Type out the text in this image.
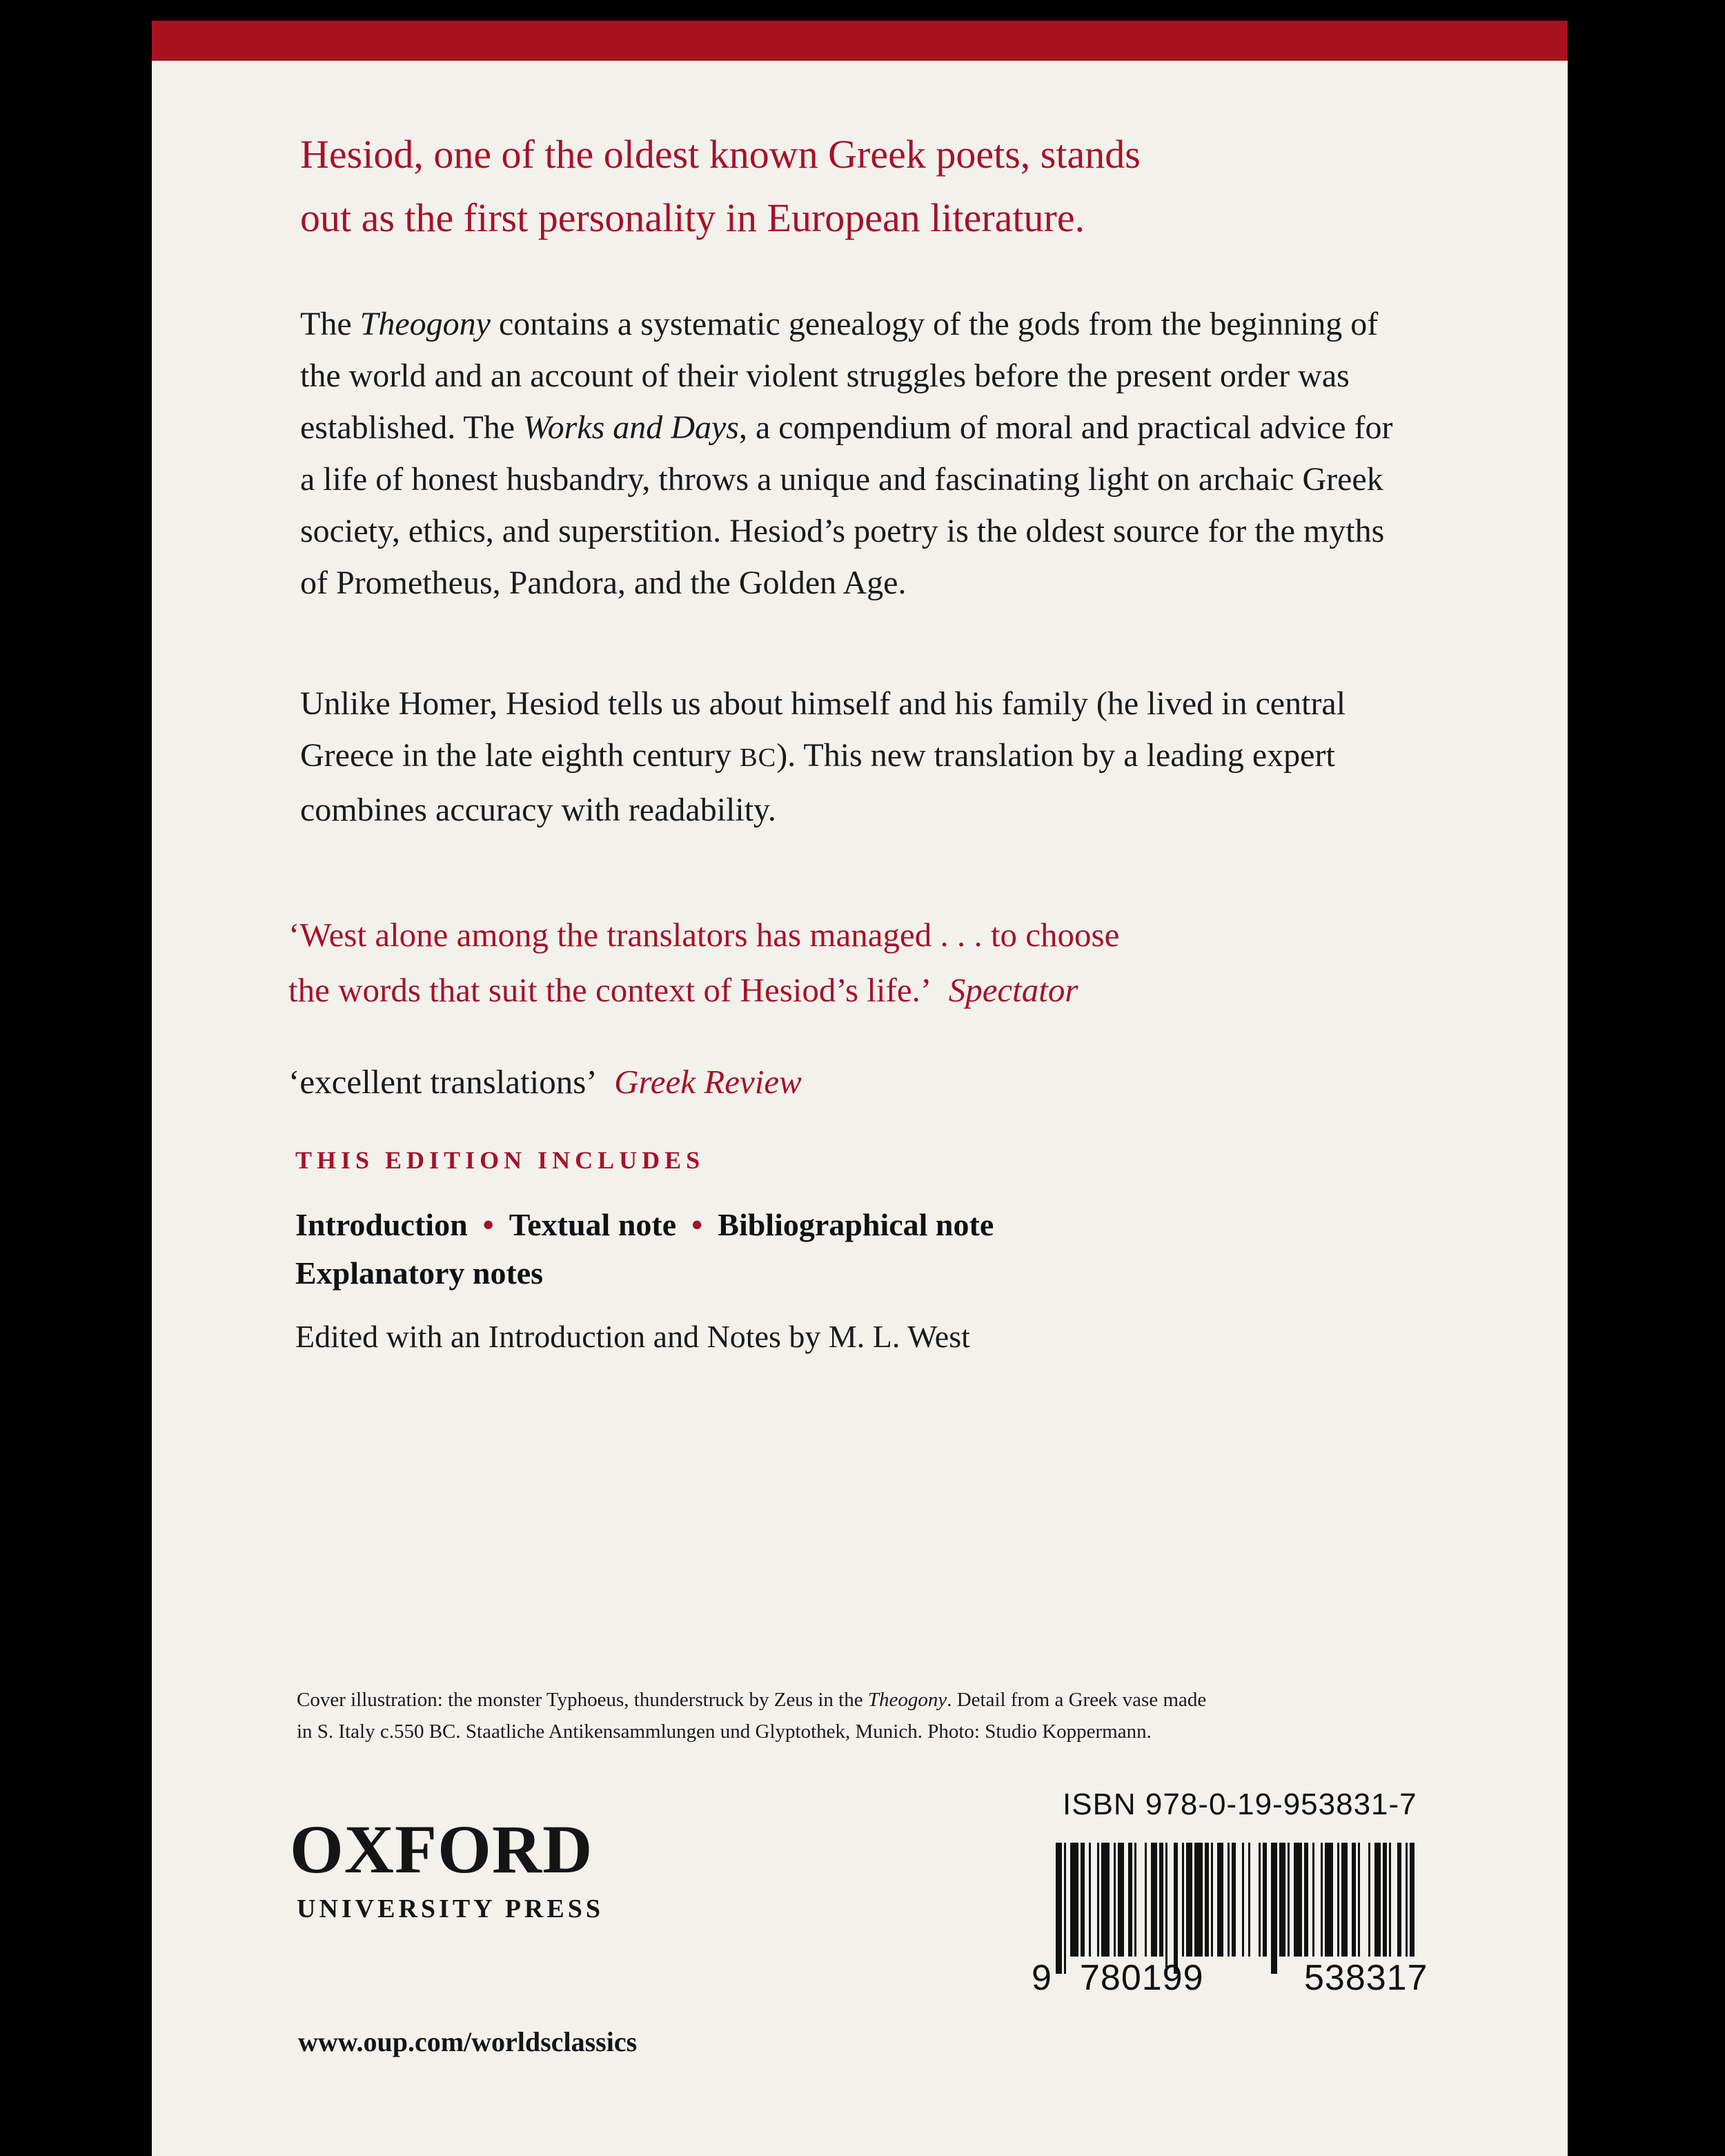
Hesiod, one of the oldest known Greek poets, stands
out as the first personality in European literature.

The Theogony contains a systematic genealogy of the gods from the beginning of the world and an account of their violent struggles before the present order was established. The Works and Days, a compendium of moral and practical advice for a life of honest husbandry, throws a unique and fascinating light on archaic Greek society, ethics, and superstition. Hesiod’s poetry is the oldest source for the myths of Prometheus, Pandora, and the Golden Age.

Unlike Homer, Hesiod tells us about himself and his family (he lived in central Greece in the late eighth century BC). This new translation by a leading expert combines accuracy with readability.

‘West alone among the translators has managed . . . to choose
the words that suit the context of Hesiod’s life.’ Spectator
‘excellent translations’ Greek Review
THIS EDITION INCLUDES
Introduction • Textual note • Bibliographical note
Explanatory notes
Edited with an Introduction and Notes by M. L. West
Cover illustration: the monster Typhoeus, thunderstruck by Zeus in the Theogony. Detail from a Greek vase made
in S. Italy c.550 BC. Staatliche Antikensammlungen und Glyptothek, Munich. Photo: Studio Koppermann.
OXFORD
UNIVERSITY PRESS
www.oup.com/worldsclassics
ISBN 978-0-19-953831-7
9 780199	538317
